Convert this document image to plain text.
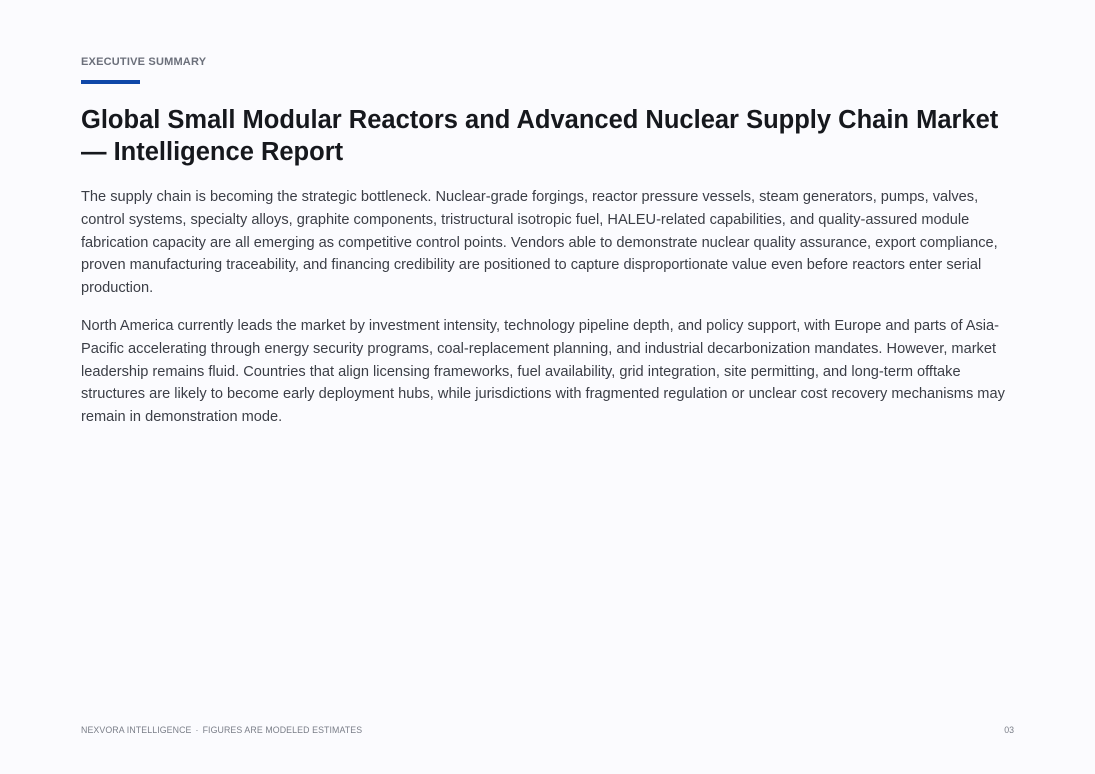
EXECUTIVE SUMMARY
Global Small Modular Reactors and Advanced Nuclear Supply Chain Market — Intelligence Report

The supply chain is becoming the strategic bottleneck. Nuclear-grade forgings, reactor pressure vessels, steam generators, pumps, valves, control systems, specialty alloys, graphite components, tristructural isotropic fuel, HALEU-related capabilities, and quality-assured module fabrication capacity are all emerging as competitive control points. Vendors able to demonstrate nuclear quality assurance, export compliance, proven manufacturing traceability, and financing credibility are positioned to capture disproportionate value even before reactors enter serial production.

North America currently leads the market by investment intensity, technology pipeline depth, and policy support, with Europe and parts of Asia-Pacific accelerating through energy security programs, coal-replacement planning, and industrial decarbonization mandates. However, market leadership remains fluid. Countries that align licensing frameworks, fuel availability, grid integration, site permitting, and long-term offtake structures are likely to become early deployment hubs, while jurisdictions with fragmented regulation or unclear cost recovery mechanisms may remain in demonstration mode.

NEXVORA INTELLIGENCE · FIGURES ARE MODELED ESTIMATES	03
